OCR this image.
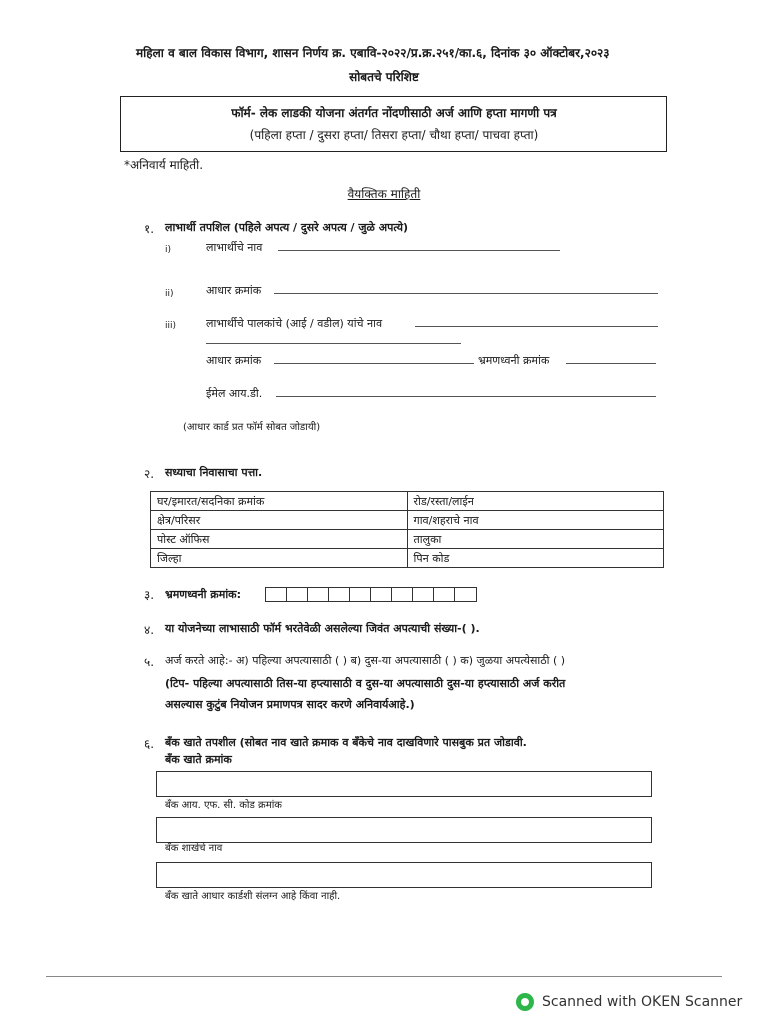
महिला व बाल विकास विभाग, शासन निर्णय क्र. एबावि-२०२२/प्र.क्र.२५१/का.६, दिनांक ३० ऑक्टोबर,२०२३
सोबतचे परिशिष्ट
फॉर्म- लेक लाडकी योजना अंतर्गत नोंदणीसाठी अर्ज आणि हप्ता मागणी पत्र
(पहिला हप्ता / दुसरा हप्ता/ तिसरा हप्ता/ चौथा हप्ता/ पाचवा हप्ता)
*अनिवार्य माहिती.
वैयक्तिक माहिती
१. लाभार्थी तपशिल (पहिले अपत्य / दुसरे अपत्य / जुळे अपत्ये)
i)	लाभार्थीचे नाव
ii)	आधार क्रमांक
iii)	लाभार्थीचे पालकांचे (आई / वडील) यांचे नाव
आधार क्रमांक	भ्रमणध्वनी क्रमांक
ईमेल आय.डी.
(आधार कार्ड प्रत फॉर्म सोबत जोडायी)
२. सध्याचा निवासाचा पत्ता.
घर/इमारत/सदनिका क्रमांक	रोड/रस्ता/लाईन
क्षेत्र/परिसर	गाव/शहराचे नाव
पोस्ट ऑफिस	तालुका
जिल्हा	पिन कोड
३. भ्रमणध्वनी क्रमांक:
४. या योजनेच्या लाभासाठी फॉर्म भरतेवेळी असलेल्या जिवंत अपत्याची संख्या-( ).
५. अर्ज करते आहे:- अ) पहिल्या अपत्यासाठी ( ) ब) दुस-या अपत्यासाठी ( ) क) जुळया अपत्येसाठी ( )
(टिप- पहिल्या अपत्यासाठी तिस-या हप्त्यासाठी व दुस-या अपत्यासाठी दुस-या हप्त्यासाठी अर्ज करीत
असल्यास कुटुंब नियोजन प्रमाणपत्र सादर करणे अनिवार्यआहे.)
६. बँक खाते तपशील (सोबत नाव खाते क्रमाक व बँकेचे नाव दाखविणारे पासबुक प्रत जोडावी.
बँक खाते क्रमांक
बँक आय. एफ. सी. कोड क्रमांक
बँक शाखेचे नाव
बँक खाते आधार कार्डशी संलग्न आहे किंवा नाही.
Scanned with OKEN Scanner
